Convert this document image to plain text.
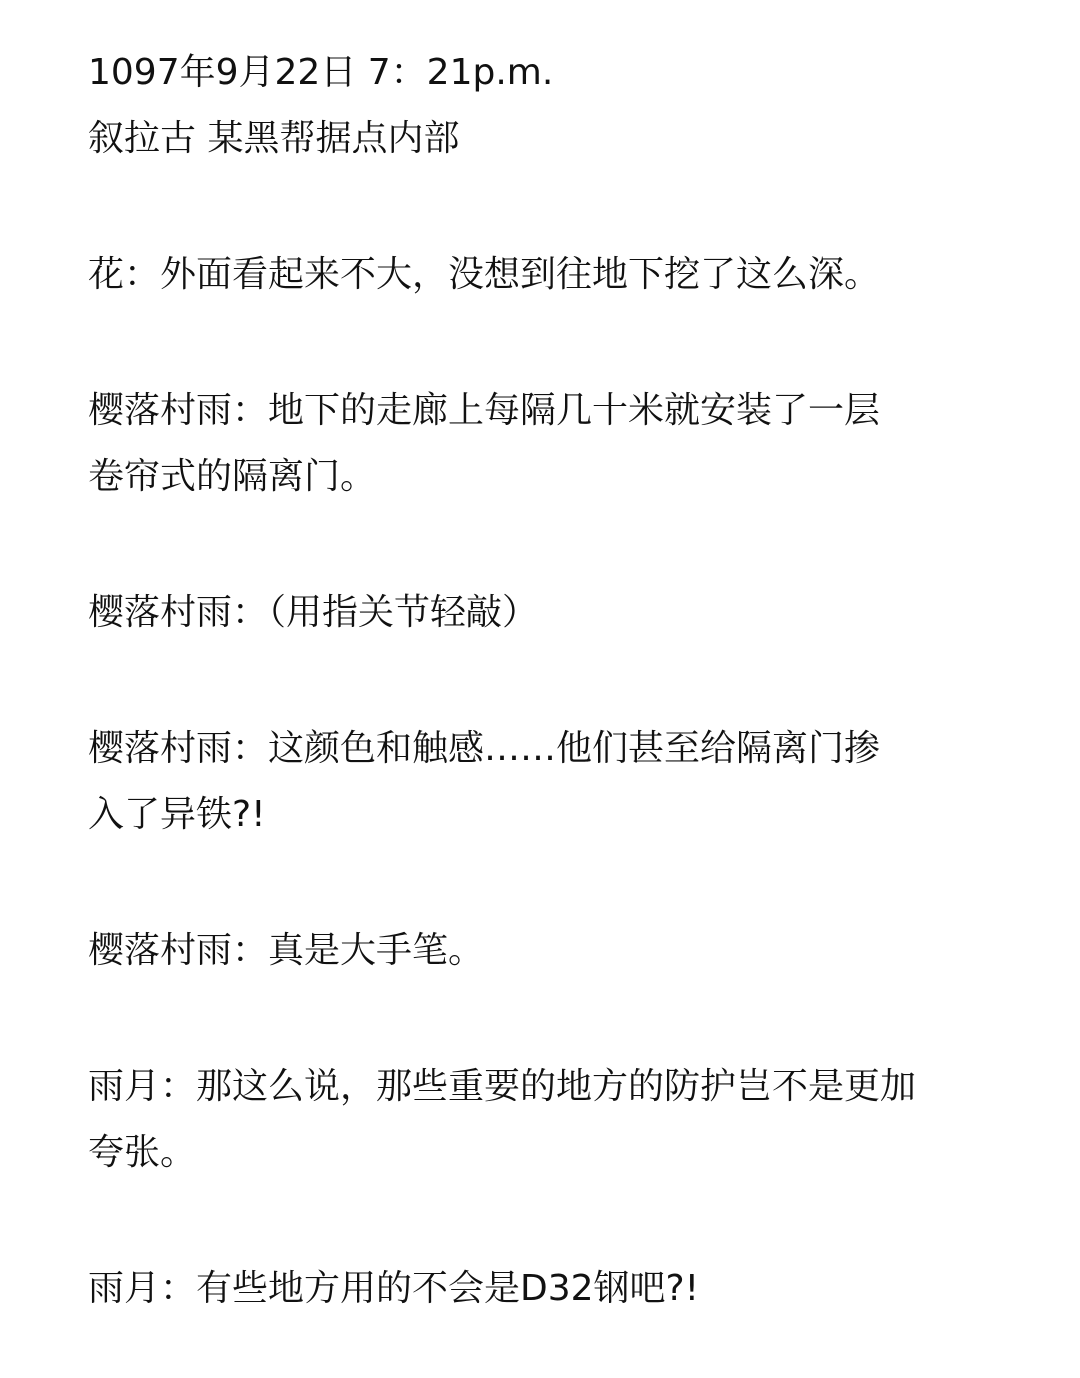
1097年9月22日 7：21p.m.
叙拉古 某黑帮据点内部
花：外面看起来不大，没想到往地下挖了这么深。
樱落村雨：地下的走廊上每隔几十米就安装了一层
卷帘式的隔离门。
樱落村雨：（用指关节轻敲）
樱落村雨：这颜色和触感……他们甚至给隔离门掺
入了异铁?!
樱落村雨：真是大手笔。
雨月：那这么说，那些重要的地方的防护岂不是更加
夸张。
雨月：有些地方用的不会是D32钢吧?!
